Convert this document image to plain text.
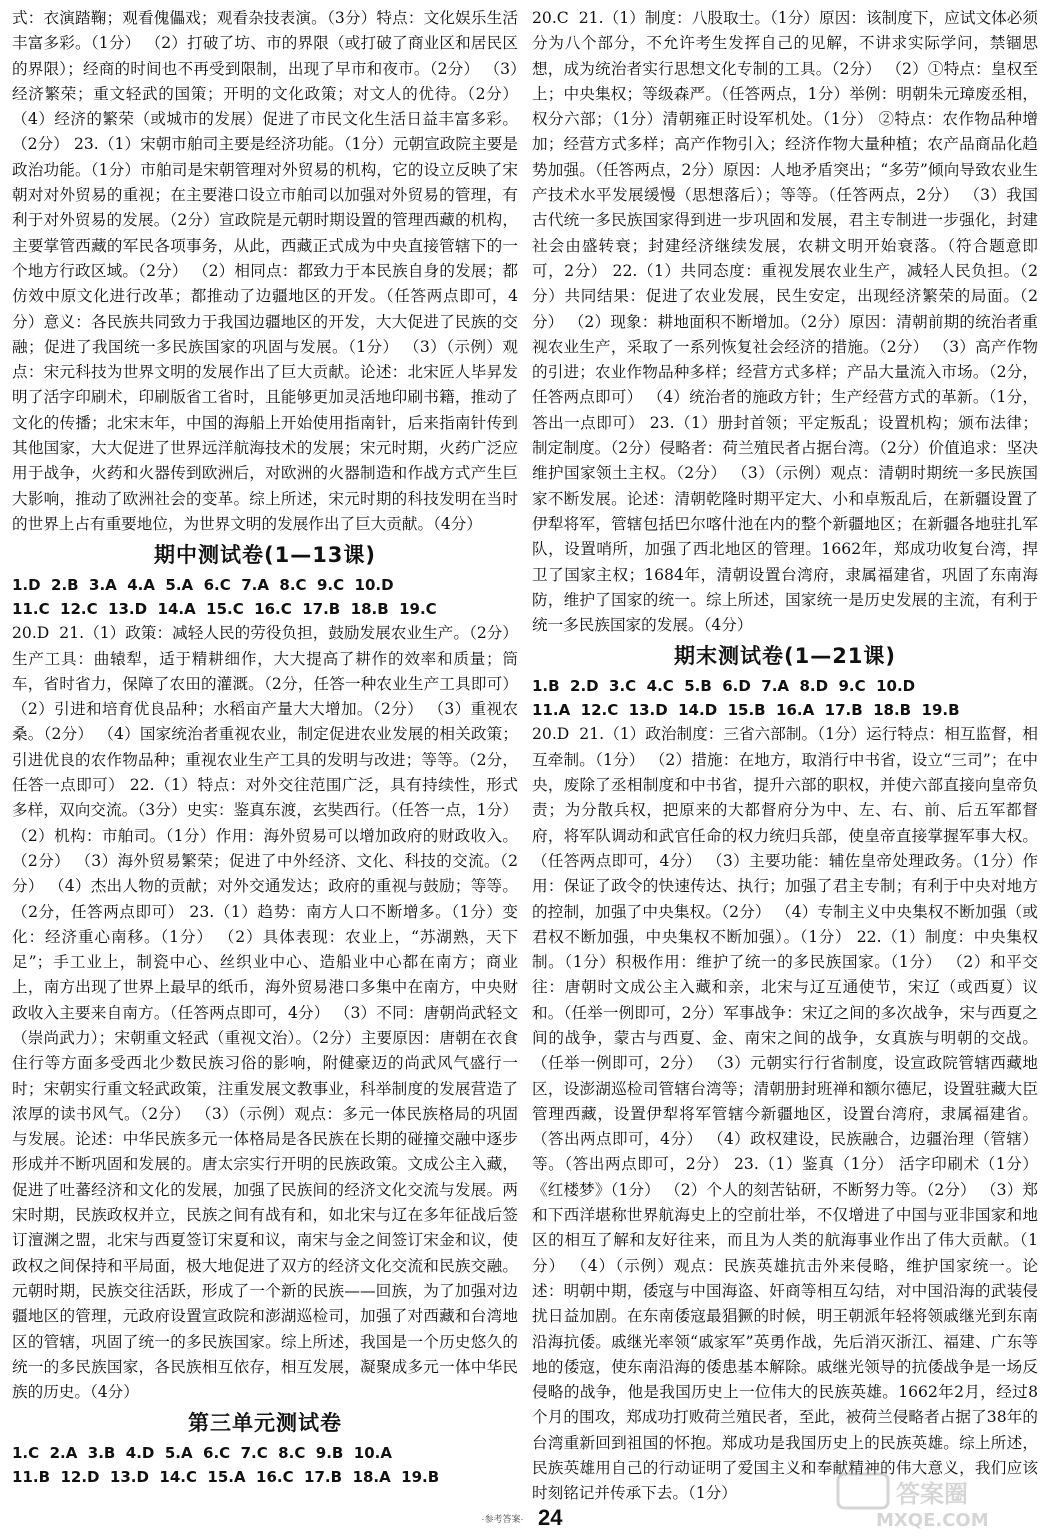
式：衣演踏鞠；观看傀儡戏；观看杂技表演。（3分）特点：文化娱乐生活丰富多彩。（1分） （2）打破了坊、市的界限（或打破了商业区和居民区的界限）；经商的时间也不再受到限制，出现了早市和夜市。（2分） （3）经济繁荣；重文轻武的国策；开明的文化政策；对文人的优待。（2分） （4）经济的繁荣（或城市的发展）促进了市民文化生活日益丰富多彩。（2分） 23.（1）宋朝市舶司主要是经济功能。（1分）元朝宣政院主要是政治功能。（1分）市舶司是宋朝管理对外贸易的机构，它的设立反映了宋朝对对外贸易的重视；在主要港口设立市舶司以加强对外贸易的管理，有利于对外贸易的发展。（2分）宣政院是元朝时期设置的管理西藏的机构，主要掌管西藏的军民各项事务，从此，西藏正式成为中央直接管辖下的一个地方行政区域。（2分） （2）相同点：都致力于本民族自身的发展；都仿效中原文化进行改革；都推动了边疆地区的开发。（任答两点即可，4分）意义：各民族共同致力于我国边疆地区的开发，大大促进了民族的交融；促进了我国统一多民族国家的巩固与发展。（1分） （3）（示例）观点：宋元科技为世界文明的发展作出了巨大贡献。论述：北宋匠人毕昇发明了活字印刷术，印刷版省工省时，且能够更加灵活地印刷书籍，推动了文化的传播；北宋末年，中国的海船上开始使用指南针，后来指南针传到其他国家，大大促进了世界远洋航海技术的发展；宋元时期，火药广泛应用于战争，火药和火器传到欧洲后，对欧洲的火器制造和作战方式产生巨大影响，推动了欧洲社会的变革。综上所述，宋元时期的科技发明在当时的世界上占有重要地位，为世界文明的发展作出了巨大贡献。（4分）

期中测试卷(1—13课)

1.D  2.B  3.A  4.A  5.A  6.C  7.A  8.C  9.C  10.D

11.C  12.C  13.D  14.A  15.C  16.C  17.B  18.B  19.C

20.D  21.（1）政策：减轻人民的劳役负担，鼓励发展农业生产。（2分）生产工具：曲辕犁，适于精耕细作，大大提高了耕作的效率和质量；筒车，省时省力，保障了农田的灌溉。（2分，任答一种农业生产工具即可） （2）引进和培育优良品种；水稻亩产量大大增加。（2分） （3）重视农桑。（2分） （4）国家统治者重视农业，制定促进农业发展的相关政策；引进优良的农作物品种；重视农业生产工具的发明与改进；等等。（2分，任答一点即可） 22.（1）特点：对外交往范围广泛，具有持续性，形式多样，双向交流。（3分）史实：鉴真东渡，玄奘西行。（任答一点，1分） （2）机构：市舶司。（1分）作用：海外贸易可以增加政府的财政收入。（2分） （3）海外贸易繁荣；促进了中外经济、文化、科技的交流。（2分） （4）杰出人物的贡献；对外交通发达；政府的重视与鼓励；等等。（2分，任答两点即可） 23.（1）趋势：南方人口不断增多。（1分）变化：经济重心南移。（1分） （2）具体表现：农业上，“苏湖熟，天下足”；手工业上，制瓷中心、丝织业中心、造船业中心都在南方；商业上，南方出现了世界上最早的纸币，海外贸易港口多集中在南方，中央财政收入主要来自南方。（任答两点即可，4分） （3）不同：唐朝尚武轻文（崇尚武力）；宋朝重文轻武（重视文治）。（2分）主要原因：唐朝在衣食住行等方面多受西北少数民族习俗的影响，附健豪迈的尚武风气盛行一时；宋朝实行重文轻武政策，注重发展文教事业，科举制度的发展营造了浓厚的读书风气。（2分） （3）（示例）观点：多元一体民族格局的巩固与发展。论述：中华民族多元一体格局是各民族在长期的碰撞交融中逐步形成并不断巩固和发展的。唐太宗实行开明的民族政策。文成公主入藏，促进了吐蕃经济和文化的发展，加强了民族间的经济文化交流与发展。两宋时期，民族政权并立，民族之间有战有和，如北宋与辽在多年征战后签订澶渊之盟，北宋与西夏签订宋夏和议，南宋与金之间签订宋金和议，使政权之间保持和平局面，极大地促进了双方的经济文化交流和民族交融。元朝时期，民族交往活跃，形成了一个新的民族——回族，为了加强对边疆地区的管理，元政府设置宣政院和澎湖巡检司，加强了对西藏和台湾地区的管辖，巩固了统一的多民族国家。综上所述，我国是一个历史悠久的统一的多民族国家，各民族相互依存，相互发展，凝聚成多元一体中华民族的历史。（4分）

第三单元测试卷

1.C  2.A  3.B  4.D  5.A  6.C  7.C  8.C  9.B  10.A

11.B  12.D  13.D  14.C  15.A  16.C  17.B  18.A  19.B

20.C  21.（1）制度：八股取士。（1分）原因：该制度下，应试文体必须分为八个部分，不允许考生发挥自己的见解，不讲求实际学问，禁锢思想，成为统治者实行思想文化专制的工具。（2分） （2）①特点：皇权至上；中央集权；等级森严。（任答两点，1分）举例：明朝朱元璋废丞相，权分六部；（1分）清朝雍正时设军机处。（1分） ②特点：农作物品种增加；经营方式多样；高产作物引入；经济作物大量种植；农产品商品化趋势加强。（任答两点，2分）原因：人地矛盾突出；“多劳”倾向导致农业生产技术水平发展缓慢（思想落后）；等等。（任答两点，2分） （3）我国古代统一多民族国家得到进一步巩固和发展，君主专制进一步强化，封建社会由盛转衰；封建经济继续发展，农耕文明开始衰落。（符合题意即可，2分） 22.（1）共同态度：重视发展农业生产，减轻人民负担。（2分）共同结果：促进了农业发展，民生安定，出现经济繁荣的局面。（2分） （2）现象：耕地面积不断增加。（2分）原因：清朝前期的统治者重视农业生产，采取了一系列恢复社会经济的措施。（2分） （3）高产作物的引进；农业作物品种多样；经营方式多样；产品大量流入市场。（2分，任答两点即可） （4）统治者的施政方针；生产经营方式的革新。（1分，答出一点即可） 23.（1）册封首领；平定叛乱；设置机构；颁布法律；制定制度。（2分）侵略者：荷兰殖民者占据台湾。（2分）价值追求：坚决维护国家领土主权。（2分） （3）（示例）观点：清朝时期统一多民族国家不断发展。论述：清朝乾隆时期平定大、小和卓叛乱后，在新疆设置了伊犁将军，管辖包括巴尔喀什池在内的整个新疆地区；在新疆各地驻扎军队，设置哨所，加强了西北地区的管理。1662年，郑成功收复台湾，捍卫了国家主权；1684年，清朝设置台湾府，隶属福建省，巩固了东南海防，维护了国家的统一。综上所述，国家统一是历史发展的主流，有利于统一多民族国家的发展。（4分）

期末测试卷(1—21课)

1.B  2.D  3.C  4.C  5.B  6.D  7.A  8.D  9.C  10.D

11.A  12.C  13.D  14.D  15.B  16.A  17.B  18.B  19.B

20.D  21.（1）政治制度：三省六部制。（1分）运行特点：相互监督，相互牵制。（1分） （2）措施：在地方，取消行中书省，设立“三司”；在中央，废除了丞相制度和中书省，提升六部的职权，并使六部直接向皇帝负责；为分散兵权，把原来的大都督府分为中、左、右、前、后五军都督府，将军队调动和武官任命的权力统归兵部，使皇帝直接掌握军事大权。（任答两点即可，4分） （3）主要功能：辅佐皇帝处理政务。（1分）作用：保证了政令的快速传达、执行；加强了君主专制；有利于中央对地方的控制，加强了中央集权。（2分） （4）专制主义中央集权不断加强（或君权不断加强，中央集权不断加强）。（1分） 22.（1）制度：中央集权制。（1分）积极作用：维护了统一的多民族国家。（1分） （2）和平交往：唐朝时文成公主入藏和亲，北宋与辽互通使节，宋辽（或西夏）议和。（任举一例即可，2分）军事战争：宋辽之间的多次战争，宋与西夏之间的战争，蒙古与西夏、金、南宋之间的战争，女真族与明朝的交战。（任举一例即可，2分） （3）元朝实行行省制度，设宣政院管辖西藏地区，设澎湖巡检司管辖台湾等；清朝册封班禅和额尔德尼，设置驻藏大臣管理西藏，设置伊犁将军管辖今新疆地区，设置台湾府，隶属福建省。（答出两点即可，4分） （4）政权建设，民族融合，边疆治理（管辖）等。（答出两点即可，2分） 23.（1）鉴真（1分） 活字印刷术（1分） 《红楼梦》（1分） （2）个人的刻苦钻研，不断努力等。（2分） （3）郑和下西洋堪称世界航海史上的空前壮举，不仅增进了中国与亚非国家和地区的相互了解和友好往来，而且为人类的航海事业作出了伟大贡献。（1分） （4）（示例）观点：民族英雄抗击外来侵略，维护国家统一。论述：明朝中期，倭寇与中国海盗、奸商等相互勾结，对中国沿海的武装侵扰日益加剧。在东南倭寇最猖獗的时候，明王朝派年轻将领戚继光到东南沿海抗倭。戚继光率领“戚家军”英勇作战，先后消灭浙江、福建、广东等地的倭寇，使东南沿海的倭患基本解除。戚继光领导的抗倭战争是一场反侵略的战争，他是我国历史上一位伟大的民族英雄。1662年2月，经过8个月的围攻，郑成功打败荷兰殖民者，至此，被荷兰侵略者占据了38年的台湾重新回到祖国的怀抱。郑成功是我国历史上的民族英雄。综上所述，民族英雄用自己的行动证明了爱国主义和奉献精神的伟大意义，我们应该时刻铭记并传承下去。（1分）

·参考答案· 24
答案圈
MXQE.COM
